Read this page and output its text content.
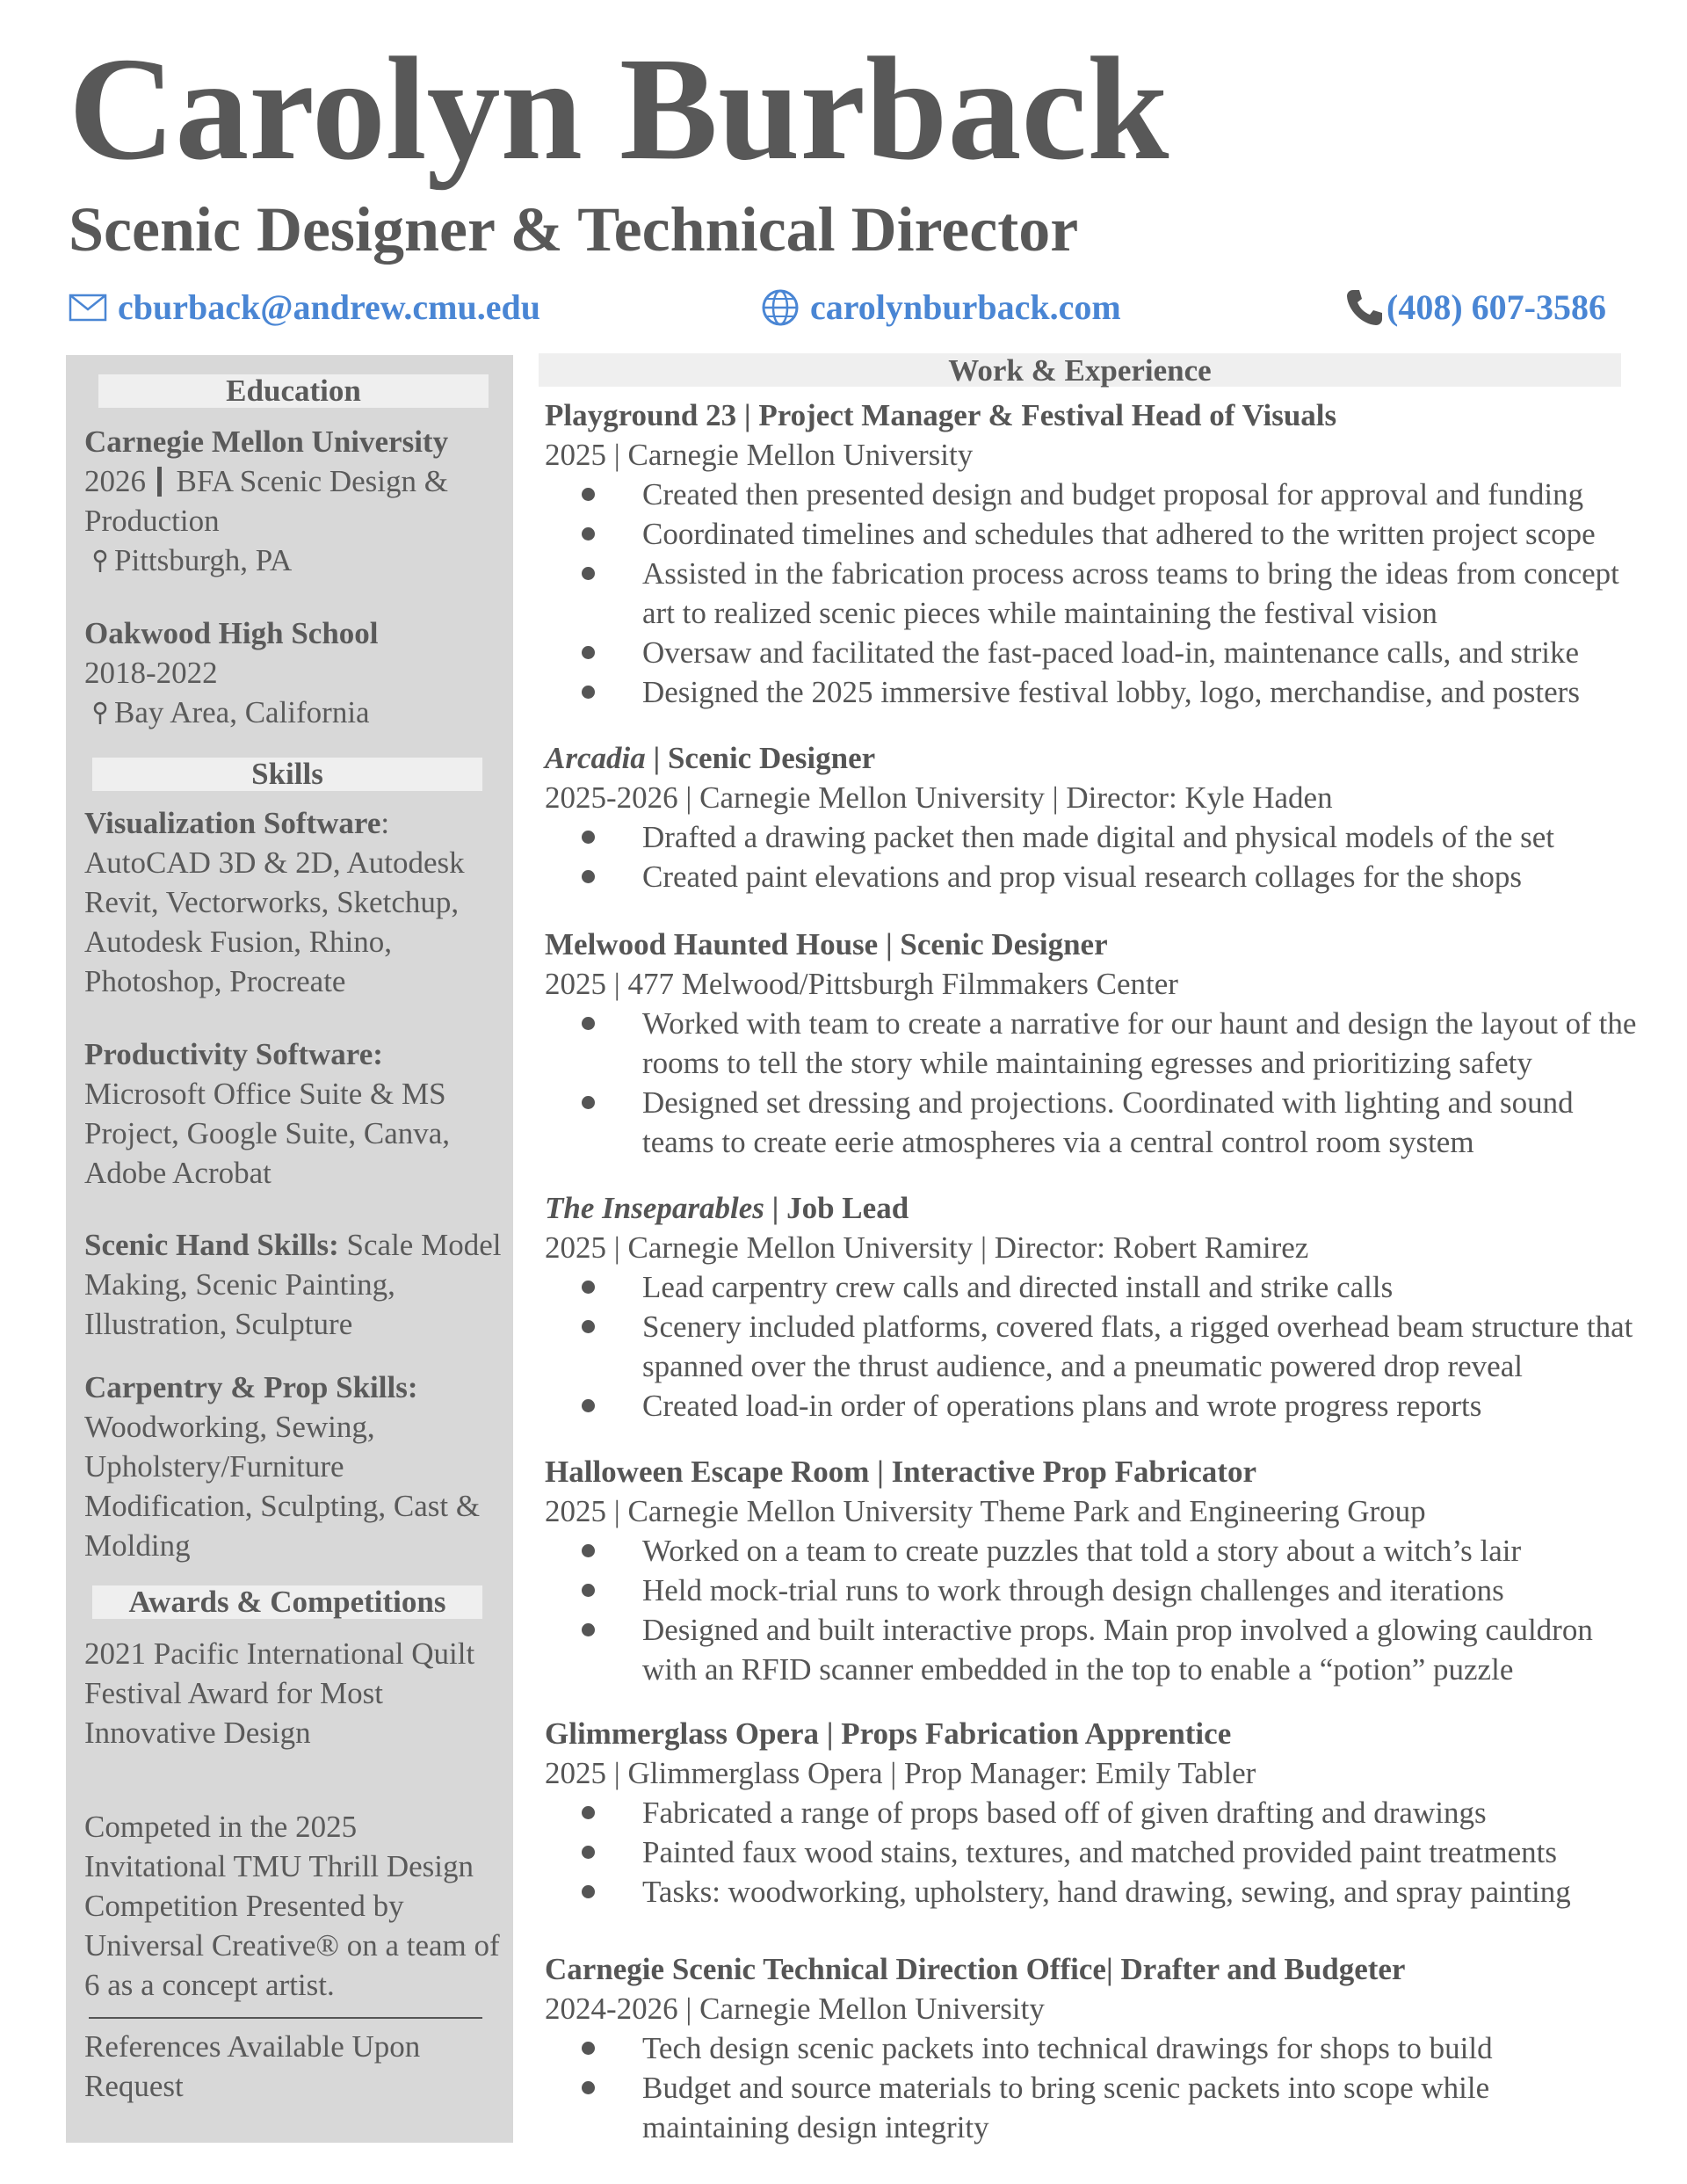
Carolyn Burback
Scenic Designer & Technical Director
cburback@andrew.cmu.edu	carolynburback.com	(408) 607-3586
Education
Carnegie Mellon University
2026 BFA Scenic Design & Production
Pittsburgh, PA
Oakwood High School
2018-2022
Bay Area, California
Skills
Visualization Software:
AutoCAD 3D & 2D, Autodesk Revit, Vectorworks, Sketchup, Autodesk Fusion, Rhino, Photoshop, Procreate
Productivity Software:
Microsoft Office Suite & MS Project, Google Suite, Canva, Adobe Acrobat
Scenic Hand Skills: Scale Model Making, Scenic Painting, Illustration, Sculpture
Carpentry & Prop Skills:
Woodworking, Sewing, Upholstery/Furniture Modification, Sculpting, Cast & Molding
Awards & Competitions
2021 Pacific International Quilt Festival Award for Most Innovative Design
Competed in the 2025 Invitational TMU Thrill Design Competition Presented by Universal Creative® on a team of 6 as a concept artist.
References Available Upon Request
Work & Experience
Playground 23 | Project Manager & Festival Head of Visuals
2025 | Carnegie Mellon University
Created then presented design and budget proposal for approval and funding
Coordinated timelines and schedules that adhered to the written project scope
Assisted in the fabrication process across teams to bring the ideas from concept art to realized scenic pieces while maintaining the festival vision
Oversaw and facilitated the fast-paced load-in, maintenance calls, and strike
Designed the 2025 immersive festival lobby, logo, merchandise, and posters
Arcadia | Scenic Designer
2025-2026 | Carnegie Mellon University | Director: Kyle Haden
Drafted a drawing packet then made digital and physical models of the set
Created paint elevations and prop visual research collages for the shops
Melwood Haunted House | Scenic Designer
2025 | 477 Melwood/Pittsburgh Filmmakers Center
Worked with team to create a narrative for our haunt and design the layout of the rooms to tell the story while maintaining egresses and prioritizing safety
Designed set dressing and projections. Coordinated with lighting and sound teams to create eerie atmospheres via a central control room system
The Inseparables | Job Lead
2025 | Carnegie Mellon University | Director: Robert Ramirez
Lead carpentry crew calls and directed install and strike calls
Scenery included platforms, covered flats, a rigged overhead beam structure that spanned over the thrust audience, and a pneumatic powered drop reveal
Created load-in order of operations plans and wrote progress reports
Halloween Escape Room | Interactive Prop Fabricator
2025 | Carnegie Mellon University Theme Park and Engineering Group
Worked on a team to create puzzles that told a story about a witch’s lair
Held mock-trial runs to work through design challenges and iterations
Designed and built interactive props. Main prop involved a glowing cauldron with an RFID scanner embedded in the top to enable a “potion” puzzle
Glimmerglass Opera | Props Fabrication Apprentice
2025 | Glimmerglass Opera | Prop Manager: Emily Tabler
Fabricated a range of props based off of given drafting and drawings
Painted faux wood stains, textures, and matched provided paint treatments
Tasks: woodworking, upholstery, hand drawing, sewing, and spray painting
Carnegie Scenic Technical Direction Office| Drafter and Budgeter
2024-2026 | Carnegie Mellon University
Tech design scenic packets into technical drawings for shops to build
Budget and source materials to bring scenic packets into scope while maintaining design integrity
